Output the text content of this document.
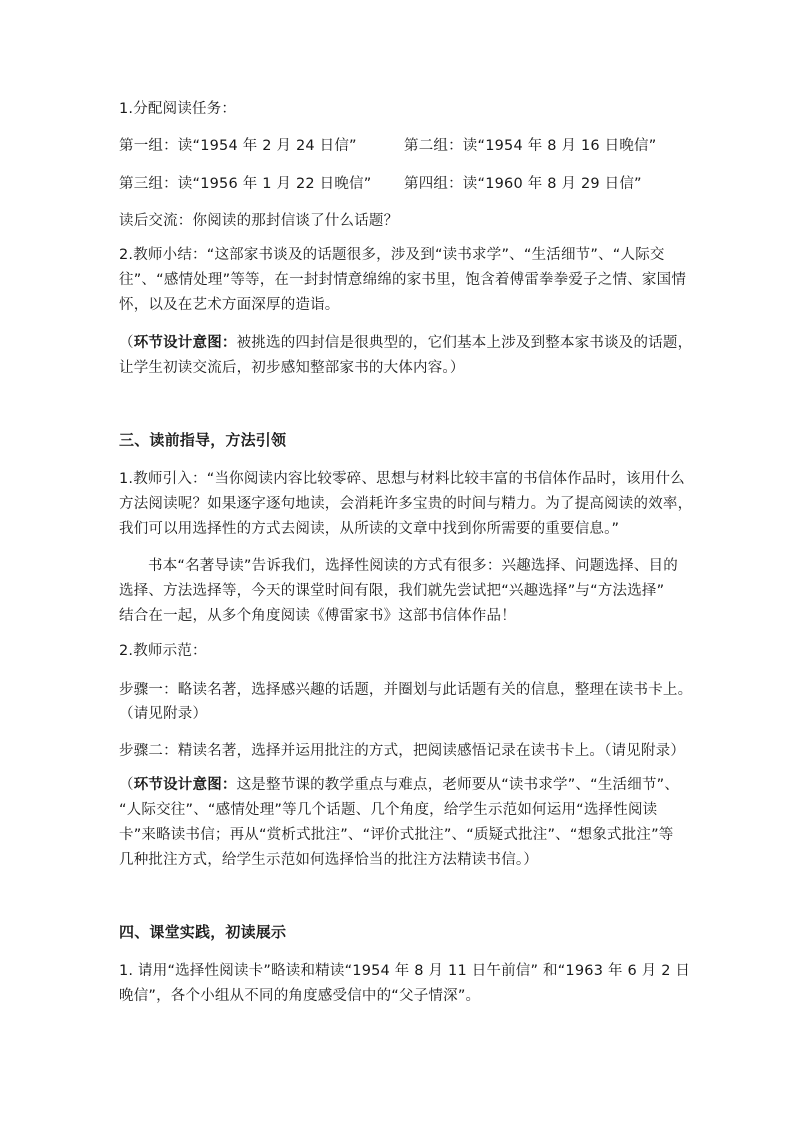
1.分配阅读任务：
第一组：读“1954 年 2 月 24 日信”	第二组：读“1954 年 8 月 16 日晚信”
第三组：读“1956 年 1 月 22 日晚信” 第四组：读“1960 年 8 月 29 日信”
读后交流：你阅读的那封信谈了什么话题？
2.教师小结：“这部家书谈及的话题很多，涉及到“读书求学”、“生活细节”、“人际交
往”、“感情处理”等等，在一封封情意绵绵的家书里，饱含着傅雷拳拳爱子之情、家国情
怀，以及在艺术方面深厚的造诣。
（环节设计意图：被挑选的四封信是很典型的，它们基本上涉及到整本家书谈及的话题，
让学生初读交流后，初步感知整部家书的大体内容。）
三、读前指导，方法引领
1.教师引入：“当你阅读内容比较零碎、思想与材料比较丰富的书信体作品时，该用什么
方法阅读呢？如果逐字逐句地读，会消耗许多宝贵的时间与精力。为了提高阅读的效率，
我们可以用选择性的方式去阅读，从所读的文章中找到你所需要的重要信息。”
书本“名著导读”告诉我们，选择性阅读的方式有很多：兴趣选择、问题选择、目的
选择、方法选择等，今天的课堂时间有限，我们就先尝试把“兴趣选择”与“方法选择”
结合在一起，从多个角度阅读《傅雷家书》这部书信体作品！
2.教师示范：
步骤一：略读名著，选择感兴趣的话题，并圈划与此话题有关的信息，整理在读书卡上。
（请见附录）
步骤二：精读名著，选择并运用批注的方式，把阅读感悟记录在读书卡上。（请见附录）
（环节设计意图：这是整节课的教学重点与难点，老师要从“读书求学”、“生活细节”、
“人际交往”、“感情处理”等几个话题、几个角度，给学生示范如何运用“选择性阅读
卡”来略读书信；再从“赏析式批注”、“评价式批注”、“质疑式批注”、“想象式批注”等
几种批注方式，给学生示范如何选择恰当的批注方法精读书信。）
四、课堂实践，初读展示
1. 请用“选择性阅读卡”略读和精读“1954 年 8 月 11 日午前信” 和“1963 年 6 月 2 日
晚信”，各个小组从不同的角度感受信中的“父子情深”。
